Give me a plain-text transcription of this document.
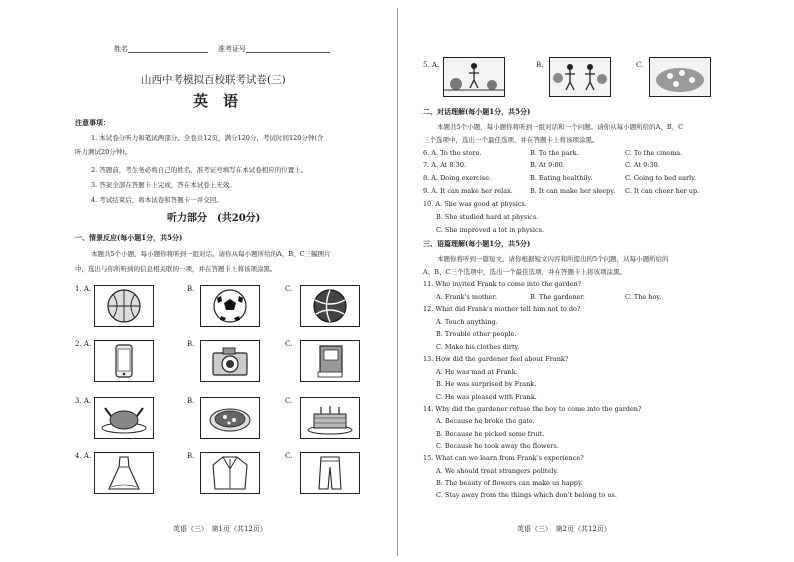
姓名	准考证号
山西中考模拟百校联考试卷(三)
英　语
注意事项：
1. 本试卷分听力和笔试两部分。全卷共12页，满分120分，考试时间120分钟(含
听力测试20分钟)。
2. 答题前，考生务必将自己的姓名、准考证号填写在本试卷相应的位置上。
3. 答案全部在答题卡上完成，答在本试卷上无效。
4. 考试结束后，将本试卷和答题卡一并交回。
听力部分　(共20分)
一、情景反应(每小题1分，共5分)
本题共5个小题，每小题你将听到一组对话。请你从每小题所给的A、B、C三幅图片
中，选出与你所听到的信息相关联的一项，并在答题卡上将该项涂黑。
1. A.	B.	C.
2. A.	B.	C.
3. A.	B.	C.
4. A.	B.	C.
英语（三）　第1页（共12页）
5. A.	B.	C.
二、对话理解(每小题1分，共5分)
本题共5个小题，每小题你将听到一组对话和一个问题。请你从每小题所给的A、B、C
三个选项中，选出一个最佳选项，并在答题卡上将该项涂黑。
6. A. To the store.	B. To the park.	C. To the cinema.
7. A. At 8:30.	B. At 9:00.	C. At 9:30.
8. A. Doing exercise.	B. Eating healthily.	C. Going to bed early.
9. A. It can make her relax.	B. It can make her sleepy. C. It can cheer her up.
10. A. She was good at physics.
B. She studied hard at physics.
C. She improved a lot in physics.
三、语篇理解(每小题1分，共5分)
本题你将听到一篇短文。请你根据短文内容和所提出的5个问题，从每小题所给的
A、B、C三个选项中，选出一个最佳选项，并在答题卡上将该项涂黑。
11. Who invited Frank to come into the garden?
A. Frank’s mother.	B. The gardener.	C. The boy.
12. What did Frank’s mother tell him not to do?
A. Touch anything.
B. Trouble other people.
C. Make his clothes dirty.
13. How did the gardener feel about Frank?
A. He was mad at Frank.
B. He was surprised by Frank.
C. He was pleased with Frank.
14. Why did the gardener refuse the boy to come into the garden?
A. Because he broke the gate.
B. Because he picked some fruit.
C. Because he took away the flowers.
15. What can we learn from Frank’s experience?
A. We should treat strangers politely.
B. The beauty of flowers can make us happy.
C. Stay away from the things which don’t belong to us.
英语（三）　第2页（共12页）
